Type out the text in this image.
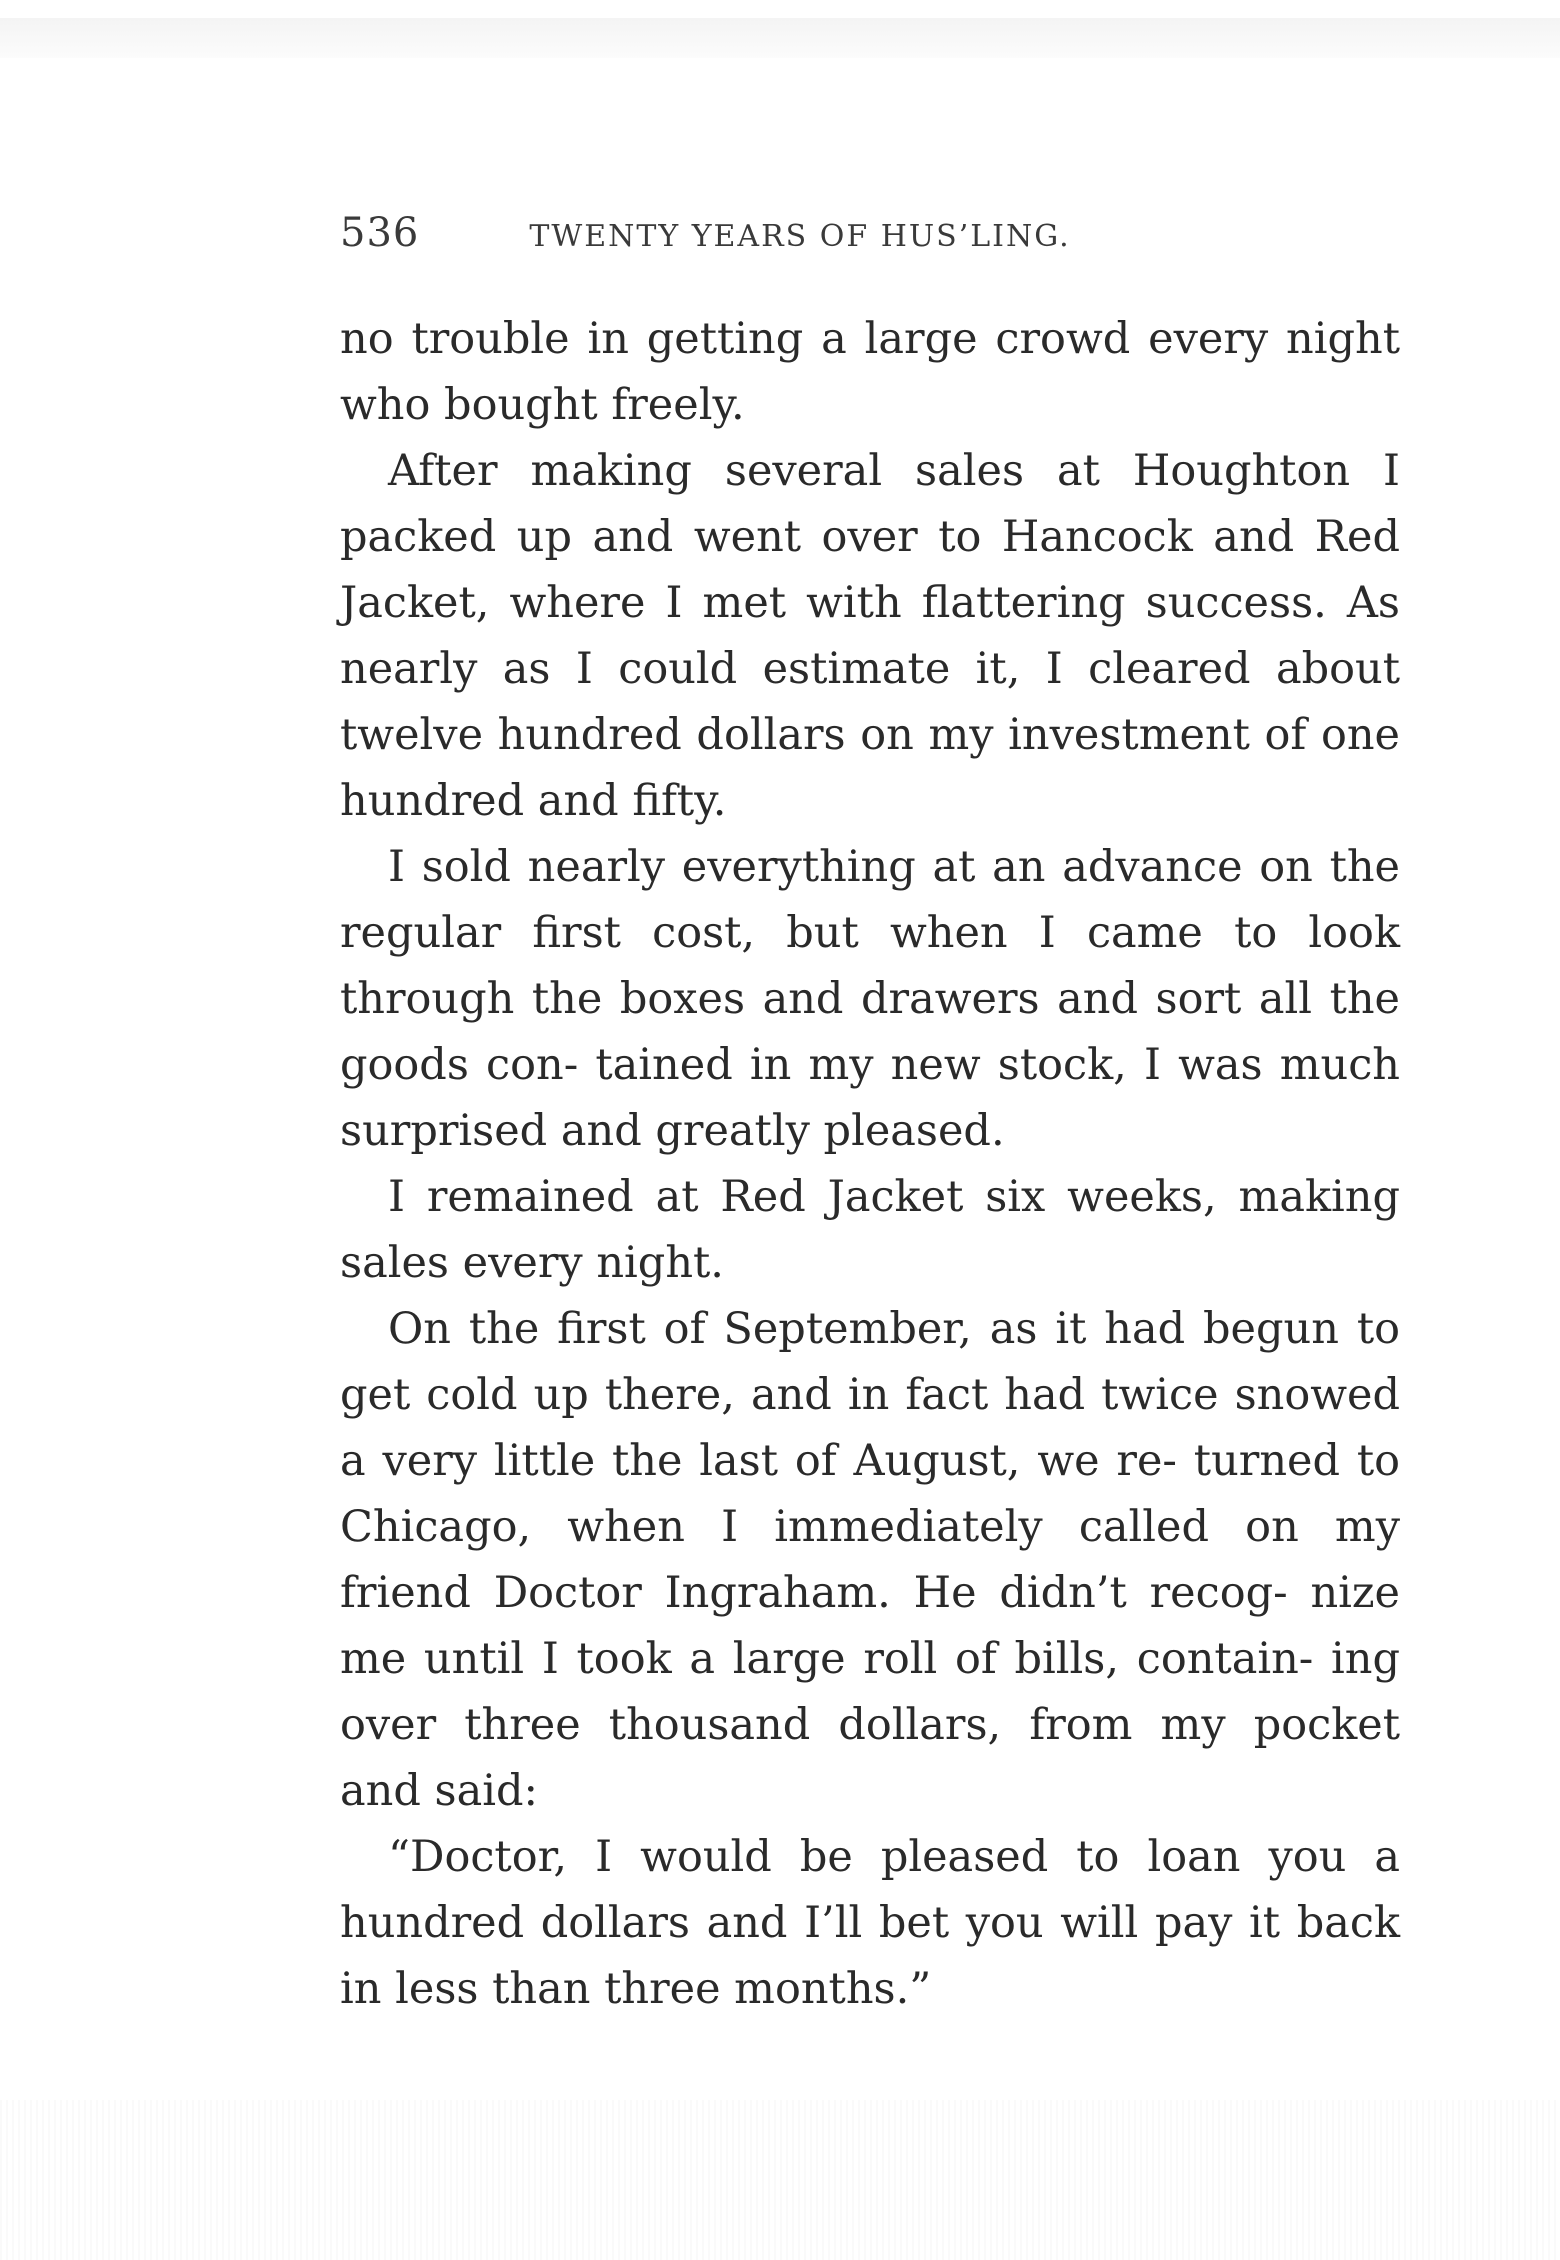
536	TWENTY YEARS OF HUS’LING.

no trouble in getting a large crowd every night who bought freely.

After making several sales at Houghton I packed up and went over to Hancock and Red Jacket, where I met with flattering success. As nearly as I could estimate it, I cleared about twelve hundred dollars on my investment of one hundred and fifty.

I sold nearly everything at an advance on the regular first cost, but when I came to look through the boxes and drawers and sort all the goods con- tained in my new stock, I was much surprised and greatly pleased.

I remained at Red Jacket six weeks, making sales every night.

On the first of September, as it had begun to get cold up there, and in fact had twice snowed a very little the last of August, we re- turned to Chicago, when I immediately called on my friend Doctor Ingraham. He didn’t recog- nize me until I took a large roll of bills, contain- ing over three thousand dollars, from my pocket and said:

“Doctor, I would be pleased to loan you a hundred dollars and I’ll bet you will pay it back in less than three months.”
